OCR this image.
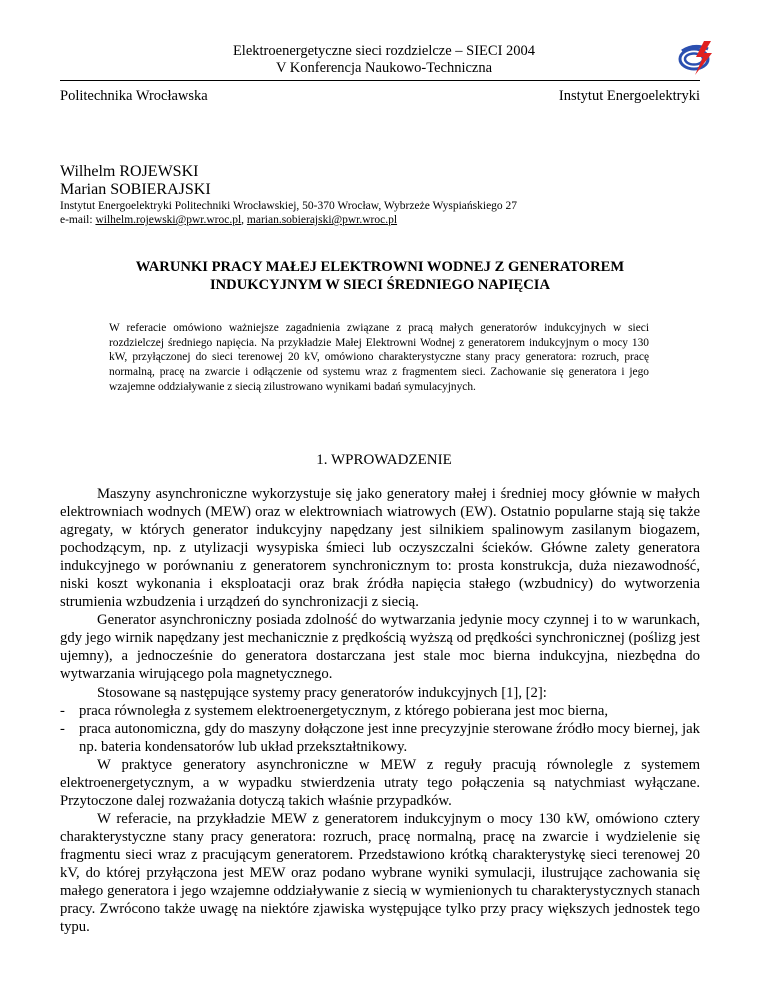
Elektroenergetyczne sieci rozdzielcze – SIECI 2004
V Konferencja Naukowo-Techniczna
Politechnika Wrocławska	Instytut Energoelektryki
Wilhelm ROJEWSKI
Marian SOBIERAJSKI
Instytut Energoelektryki Politechniki Wrocławskiej, 50-370 Wrocław, Wybrzeże Wyspiańskiego 27
e-mail: wilhelm.rojewski@pwr.wroc.pl, marian.sobierajski@pwr.wroc.pl
WARUNKI PRACY MAŁEJ ELEKTROWNI WODNEJ Z GENERATOREM
INDUKCYJNYM W SIECI ŚREDNIEGO NAPIĘCIA
W referacie omówiono ważniejsze zagadnienia związane z pracą małych generatorów indukcyjnych w sieci rozdzielczej średniego napięcia. Na przykładzie Małej Elektrowni Wodnej z generatorem indukcyjnym o mocy 130 kW, przyłączonej do sieci terenowej 20 kV, omówiono charakterystyczne stany pracy generatora: rozruch, pracę normalną, pracę na zwarcie i odłączenie od systemu wraz z fragmentem sieci. Zachowanie się generatora i jego wzajemne oddziaływanie z siecią zilustrowano wynikami badań symulacyjnych.
1. WPROWADZENIE

Maszyny asynchroniczne wykorzystuje się jako generatory małej i średniej mocy głównie w małych elektrowniach wodnych (MEW) oraz w elektrowniach wiatrowych (EW). Ostatnio popularne stają się także agregaty, w których generator indukcyjny napędzany jest silnikiem spalinowym zasilanym biogazem, pochodzącym, np. z utylizacji wysypiska śmieci lub oczyszczalni ścieków. Główne zalety generatora indukcyjnego w porównaniu z generatorem synchronicznym to: prosta konstrukcja, duża niezawodność, niski koszt wykonania i eksploatacji oraz brak źródła napięcia stałego (wzbudnicy) do wytworzenia strumienia wzbudzenia i urządzeń do synchronizacji z siecią.

Generator asynchroniczny posiada zdolność do wytwarzania jedynie mocy czynnej i to w warunkach, gdy jego wirnik napędzany jest mechanicznie z prędkością wyższą od prędkości synchronicznej (poślizg jest ujemny), a jednocześnie do generatora dostarczana jest stale moc bierna indukcyjna, niezbędna do wytwarzania wirującego pola magnetycznego.

Stosowane są następujące systemy pracy generatorów indukcyjnych [1], [2]:

- praca równoległa z systemem elektroenergetycznym, z którego pobierana jest moc bierna,
- praca autonomiczna, gdy do maszyny dołączone jest inne precyzyjnie sterowane źródło mocy biernej, jak np. bateria kondensatorów lub układ przekształtnikowy.

W praktyce generatory asynchroniczne w MEW z reguły pracują równolegle z systemem elektroenergetycznym, a w wypadku stwierdzenia utraty tego połączenia są natychmiast wyłączane. Przytoczone dalej rozważania dotyczą takich właśnie przypadków.

W referacie, na przykładzie MEW z generatorem indukcyjnym o mocy 130 kW, omówiono cztery charakterystyczne stany pracy generatora: rozruch, pracę normalną, pracę na zwarcie i wydzielenie się fragmentu sieci wraz z pracującym generatorem. Przedstawiono krótką charakterystykę sieci terenowej 20 kV, do której przyłączona jest MEW oraz podano wybrane wyniki symulacji, ilustrujące zachowania się małego generatora i jego wzajemne oddziaływanie z siecią w wymienionych tu charakterystycznych stanach pracy. Zwrócono także uwagę na niektóre zjawiska występujące tylko przy pracy większych jednostek tego typu.
